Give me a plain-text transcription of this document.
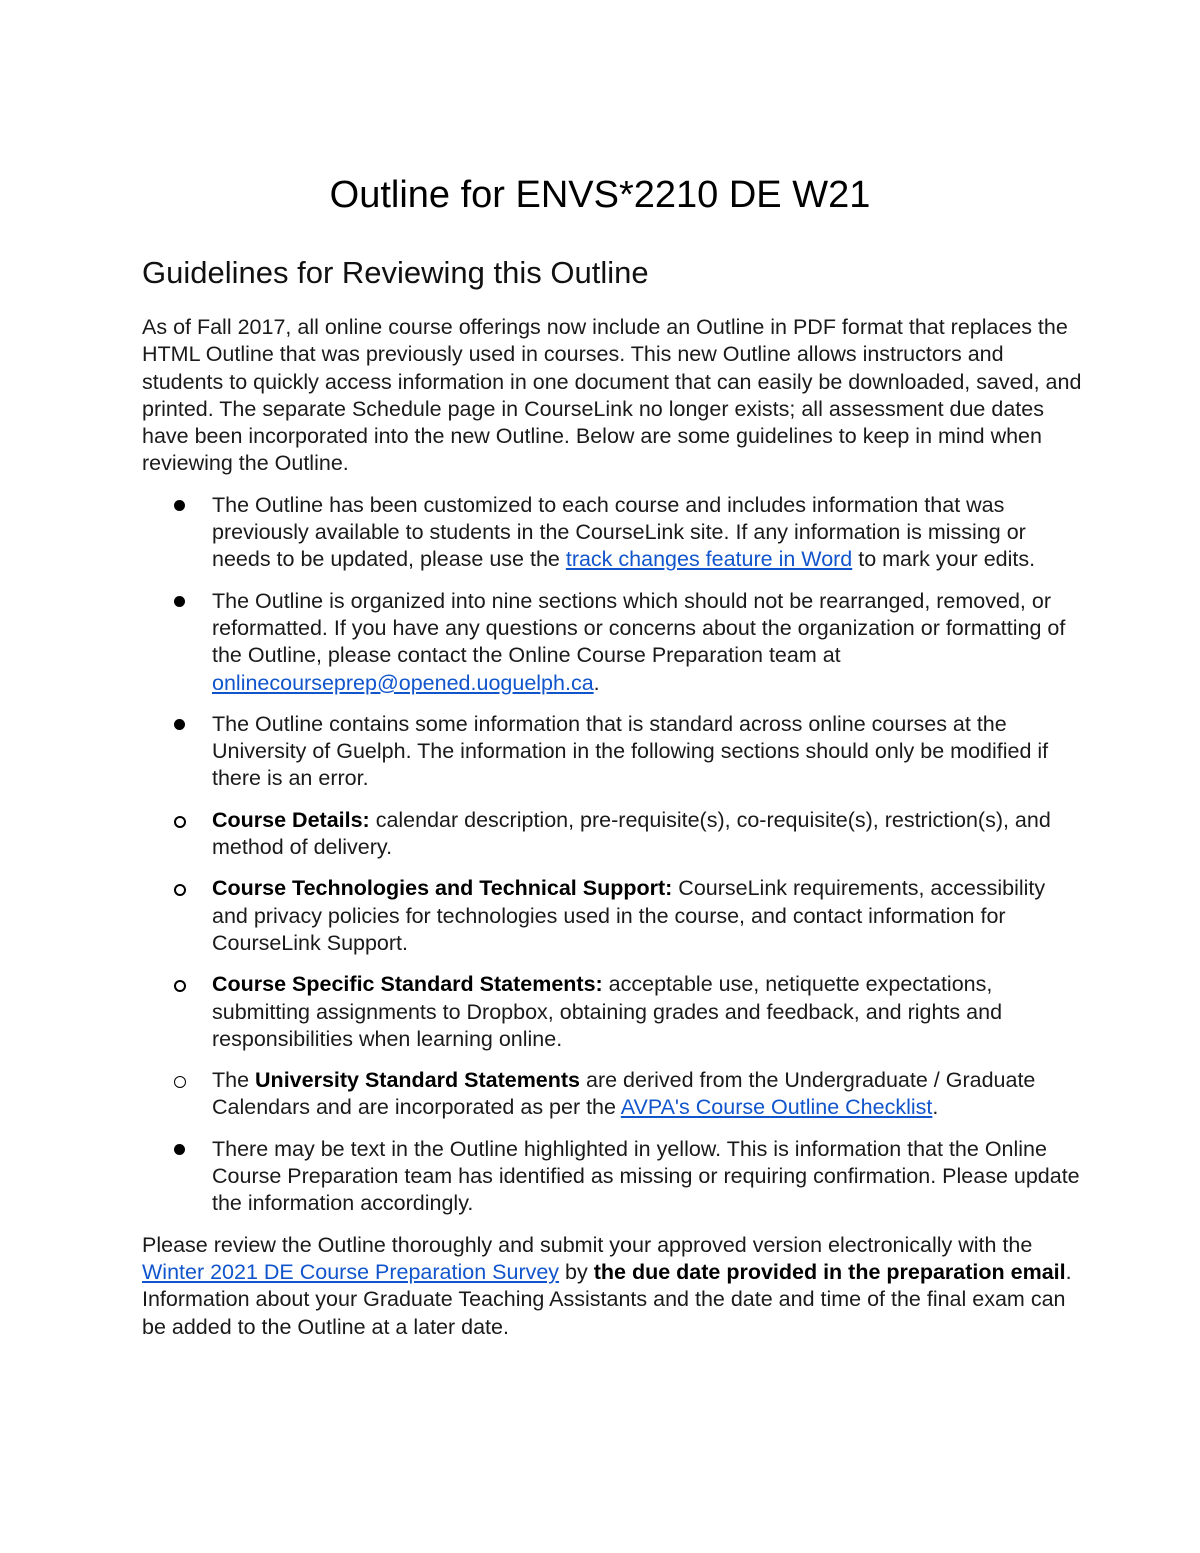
Outline for ENVS*2210 DE W21
Guidelines for Reviewing this Outline

As of Fall 2017, all online course offerings now include an Outline in PDF format that replaces the HTML Outline that was previously used in courses. This new Outline allows instructors and students to quickly access information in one document that can easily be downloaded, saved, and printed. The separate Schedule page in CourseLink no longer exists; all assessment due dates have been incorporated into the new Outline. Below are some guidelines to keep in mind when reviewing the Outline.

The Outline has been customized to each course and includes information that was previously available to students in the CourseLink site. If any information is missing or needs to be updated, please use the track changes feature in Word to mark your edits.
The Outline is organized into nine sections which should not be rearranged, removed, or reformatted. If you have any questions or concerns about the organization or formatting of the Outline, please contact the Online Course Preparation team at onlinecourseprep@opened.uoguelph.ca.
The Outline contains some information that is standard across online courses at the University of Guelph. The information in the following sections should only be modified if there is an error.
Course Details: calendar description, pre-requisite(s), co-requisite(s), restriction(s), and method of delivery.
Course Technologies and Technical Support: CourseLink requirements, accessibility and privacy policies for technologies used in the course, and contact information for CourseLink Support.
Course Specific Standard Statements: acceptable use, netiquette expectations, submitting assignments to Dropbox, obtaining grades and feedback, and rights and responsibilities when learning online.
The University Standard Statements are derived from the Undergraduate / Graduate Calendars and are incorporated as per the AVPA's Course Outline Checklist.
There may be text in the Outline highlighted in yellow. This is information that the Online Course Preparation team has identified as missing or requiring confirmation. Please update the information accordingly.

Please review the Outline thoroughly and submit your approved version electronically with the Winter 2021 DE Course Preparation Survey by the due date provided in the preparation email. Information about your Graduate Teaching Assistants and the date and time of the final exam can be added to the Outline at a later date.
